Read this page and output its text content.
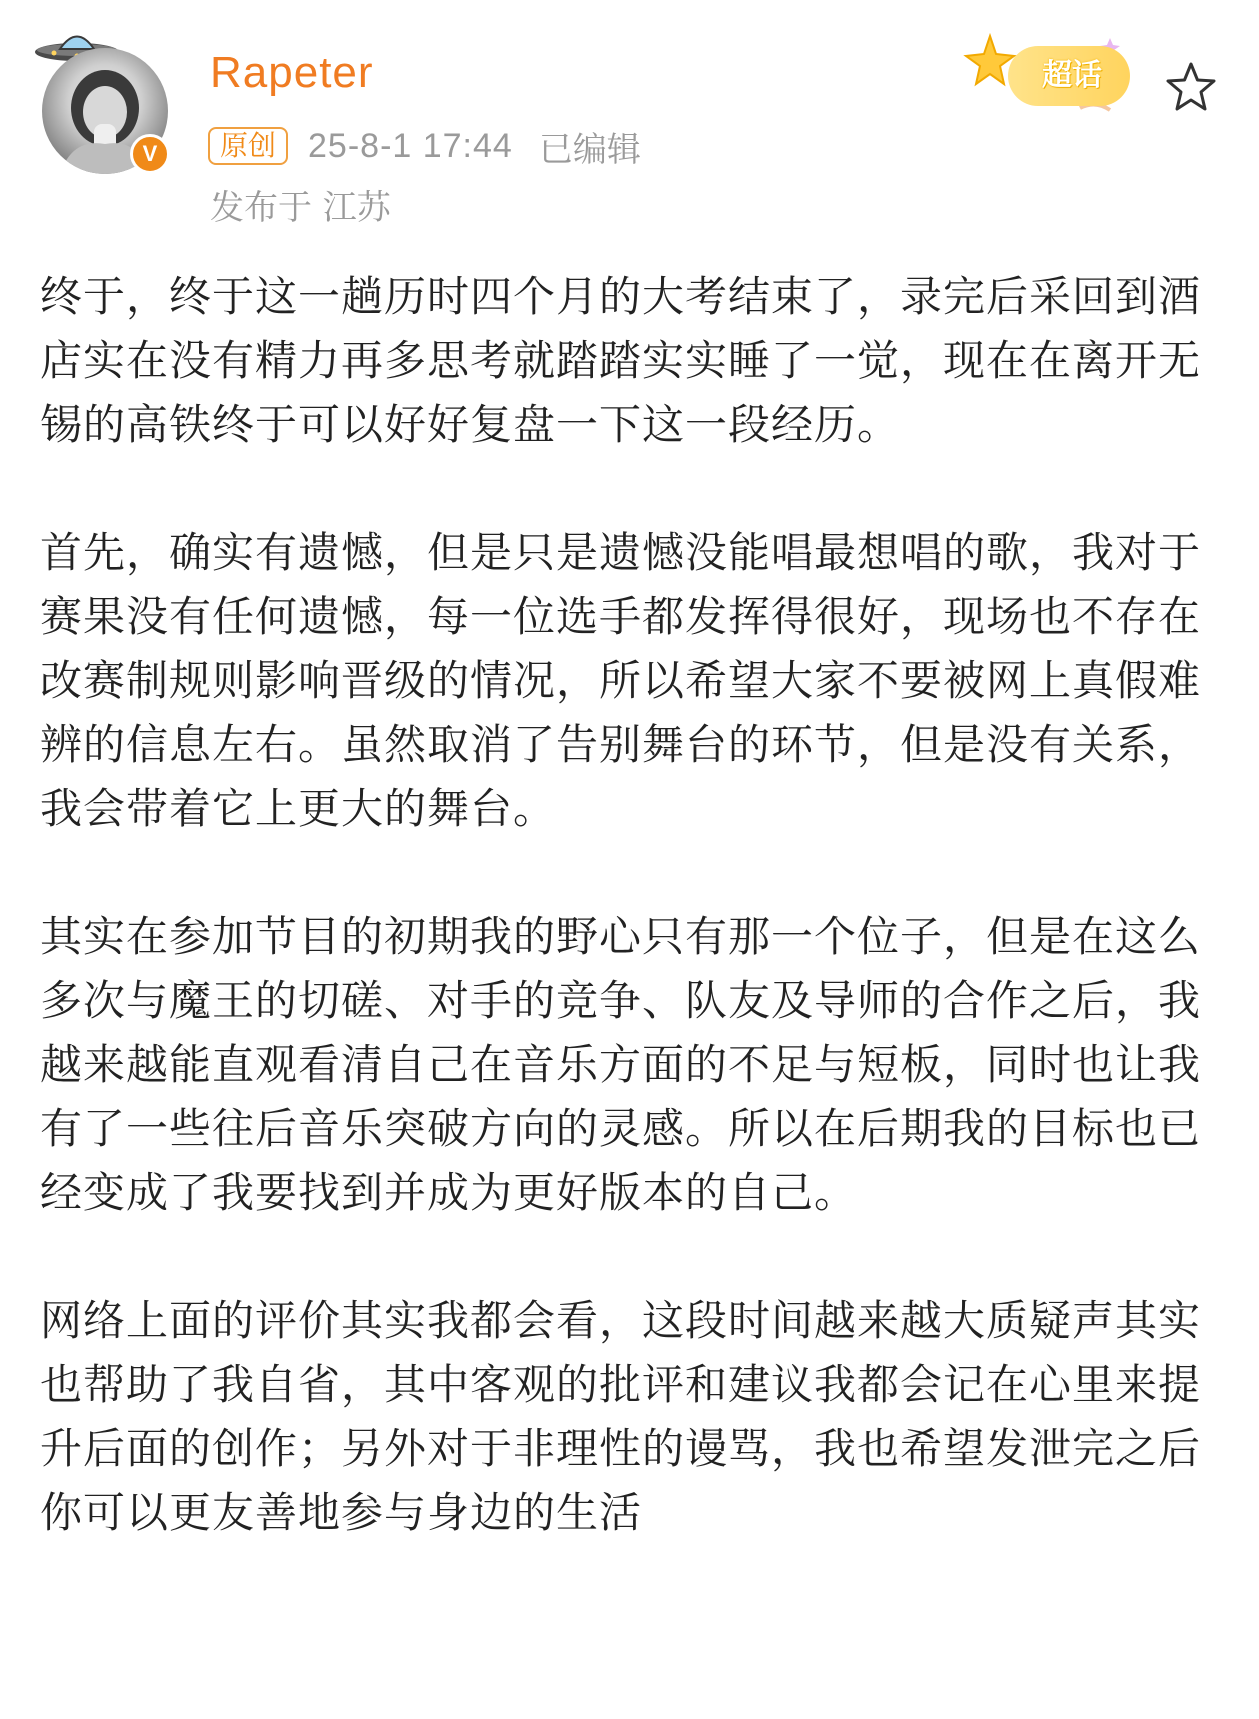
V
Rapeter
原创 25-8-1 17:44 已编辑
发布于 江苏
超话

终于，终于这一趟历时四个月的大考结束了，录完后采回到酒店实在没有精力再多思考就踏踏实实睡了一觉，现在在离开无锡的高铁终于可以好好复盘一下这一段经历。

首先，确实有遗憾，但是只是遗憾没能唱最想唱的歌，我对于赛果没有任何遗憾，每一位选手都发挥得很好，现场也不存在改赛制规则影响晋级的情况，所以希望大家不要被网上真假难辨的信息左右。虽然取消了告别舞台的环节，但是没有关系，我会带着它上更大的舞台。

其实在参加节目的初期我的野心只有那一个位子，但是在这么多次与魔王的切磋、对手的竞争、队友及导师的合作之后，我越来越能直观看清自己在音乐方面的不足与短板，同时也让我有了一些往后音乐突破方向的灵感。所以在后期我的目标也已经变成了我要找到并成为更好版本的自己。

网络上面的评价其实我都会看，这段时间越来越大质疑声其实也帮助了我自省，其中客观的批评和建议我都会记在心里来提升后面的创作；另外对于非理性的谩骂，我也希望发泄完之后你可以更友善地参与身边的生活
